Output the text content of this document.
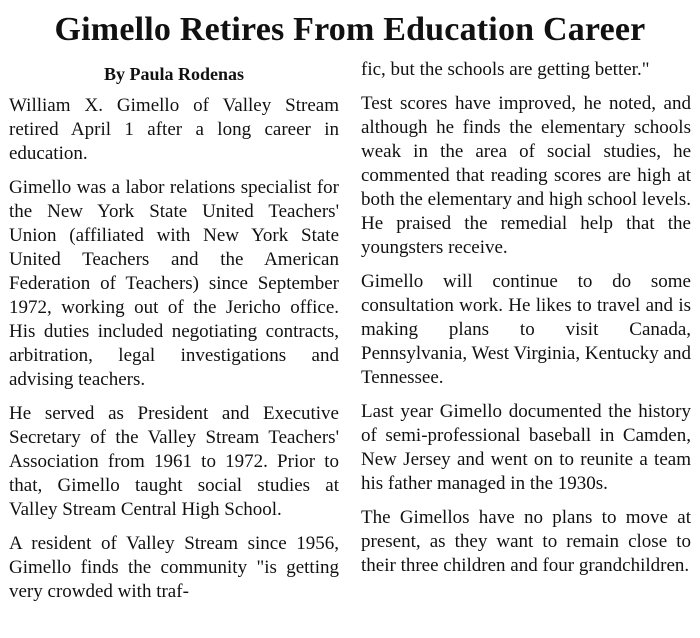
Gimello Retires From Education Career
By Paula Rodenas

William X. Gimello of Valley Stream retired April 1 after a long career in education.

Gimello was a labor relations specialist for the New York State United Teachers' Union (affiliated with New York State United Teachers and the American Federation of Teachers) since September 1972, working out of the Jericho office. His duties included negotiating contracts, arbitration, legal investigations and advising teachers.

He served as President and Executive Secretary of the Valley Stream Teachers' Association from 1961 to 1972. Prior to that, Gimello taught social studies at Valley Stream Central High School.

A resident of Valley Stream since 1956, Gimello finds the community "is getting very crowded with traf-

fic, but the schools are getting better."

Test scores have improved, he noted, and although he finds the elementary schools weak in the area of social studies, he commented that reading scores are high at both the elementary and high school levels. He praised the remedial help that the youngsters receive.

Gimello will continue to do some consultation work. He likes to travel and is making plans to visit Canada, Pennsylvania, West Virginia, Kentucky and Tennessee.

Last year Gimello documented the history of semi-professional baseball in Camden, New Jersey and went on to reunite a team his father managed in the 1930s.

The Gimellos have no plans to move at present, as they want to remain close to their three children and four grandchildren.
